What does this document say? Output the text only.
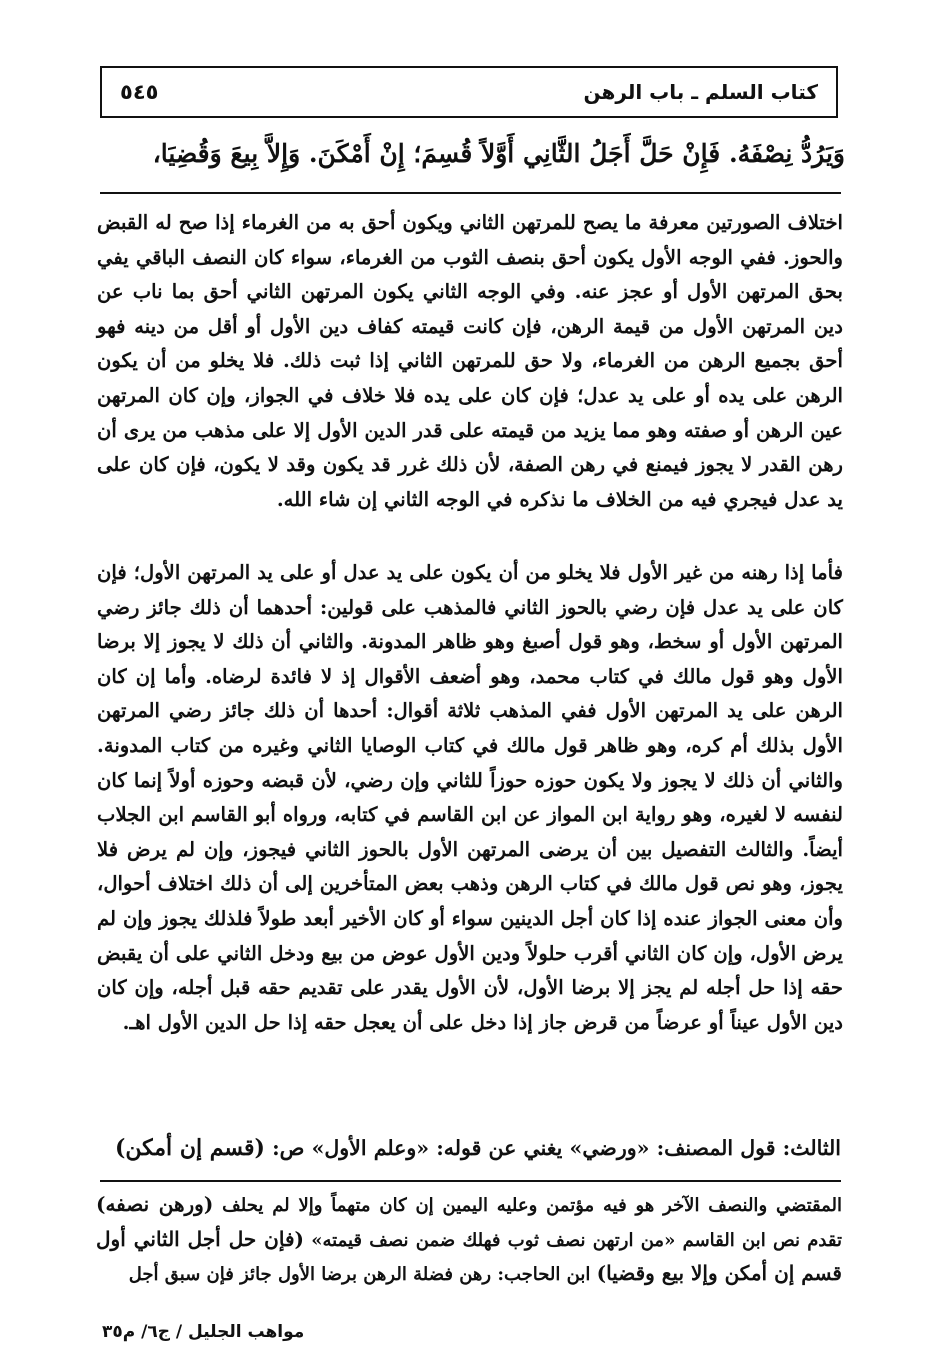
كتاب السلم ـ باب الرهن
٥٤٥
وَيَرُدُّ نِصْفَهُ. فَإِنْ حَلَّ أَجَلُ الثَّانِي أَوَّلاً قُسِمَ؛ إِنْ أَمْكَنَ. وَإِلاَّ بِيعَ وَقُضِيَا،

اختلاف الصورتين معرفة ما يصح للمرتهن الثاني ويكون أحق به من الغرماء إذا صح له القبض والحوز. ففي الوجه الأول يكون أحق بنصف الثوب من الغرماء، سواء كان النصف الباقي يفي بحق المرتهن الأول أو عجز عنه. وفي الوجه الثاني يكون المرتهن الثاني أحق بما ناب عن دين المرتهن الأول من قيمة الرهن، فإن كانت قيمته كفاف دين الأول أو أقل من دينه فهو أحق بجميع الرهن من الغرماء، ولا حق للمرتهن الثاني إذا ثبت ذلك. فلا يخلو من أن يكون الرهن على يده أو على يد عدل؛ فإن كان على يده فلا خلاف في الجواز، وإن كان المرتهن عين الرهن أو صفته وهو مما يزيد من قيمته على قدر الدين الأول إلا على مذهب من يرى أن رهن القدر لا يجوز فيمنع في رهن الصفة، لأن ذلك غرر قد يكون وقد لا يكون، فإن كان على يد عدل فيجري فيه من الخلاف ما نذكره في الوجه الثاني إن شاء الله.

فأما إذا رهنه من غير الأول فلا يخلو من أن يكون على يد عدل أو على يد المرتهن الأول؛ فإن كان على يد عدل فإن رضي بالحوز الثاني فالمذهب على قولين: أحدهما أن ذلك جائز رضي المرتهن الأول أو سخط، وهو قول أصبغ وهو ظاهر المدونة. والثاني أن ذلك لا يجوز إلا برضا الأول وهو قول مالك في كتاب محمد، وهو أضعف الأقوال إذ لا فائدة لرضاه. وأما إن كان الرهن على يد المرتهن الأول ففي المذهب ثلاثة أقوال: أحدها أن ذلك جائز رضي المرتهن الأول بذلك أم كره، وهو ظاهر قول مالك في كتاب الوصايا الثاني وغيره من كتاب المدونة. والثاني أن ذلك لا يجوز ولا يكون حوزه حوزاً للثاني وإن رضي، لأن قبضه وحوزه أولاً إنما كان لنفسه لا لغيره، وهو رواية ابن المواز عن ابن القاسم في كتابه، ورواه أبو القاسم ابن الجلاب أيضاً. والثالث التفصيل بين أن يرضى المرتهن الأول بالحوز الثاني فيجوز، وإن لم يرض فلا يجوز، وهو نص قول مالك في كتاب الرهن وذهب بعض المتأخرين إلى أن ذلك اختلاف أحوال، وأن معنى الجواز عنده إذا كان أجل الدينين سواء أو كان الأخير أبعد طولاً فلذلك يجوز وإن لم يرض الأول، وإن كان الثاني أقرب حلولاً ودين الأول عوض من بيع ودخل الثاني على أن يقبض حقه إذا حل أجله لم يجز إلا برضا الأول، لأن الأول يقدر على تقديم حقه قبل أجله، وإن كان دين الأول عيناً أو عرضاً من قرض جاز إذا دخل على أن يعجل حقه إذا حل الدين الأول اهـ.

الثالث: قول المصنف: «ورضي» يغني عن قوله: «وعلم الأول» ص: (قسم إن أمكن)
المقتضي والنصف الآخر هو فيه مؤتمن وعليه اليمين إن كان متهماً وإلا لم يحلف (ورهن نصفه) تقدم نص ابن القاسم «من ارتهن نصف ثوب فهلك ضمن نصف قيمته» (فإن حل أجل الثاني أول قسم إن أمكن وإلا بيع وقضيا) ابن الحاجب: رهن فضلة الرهن برضا الأول جائز فإن سبق أجل
مواهب الجليل / ج٦/ م٣٥
